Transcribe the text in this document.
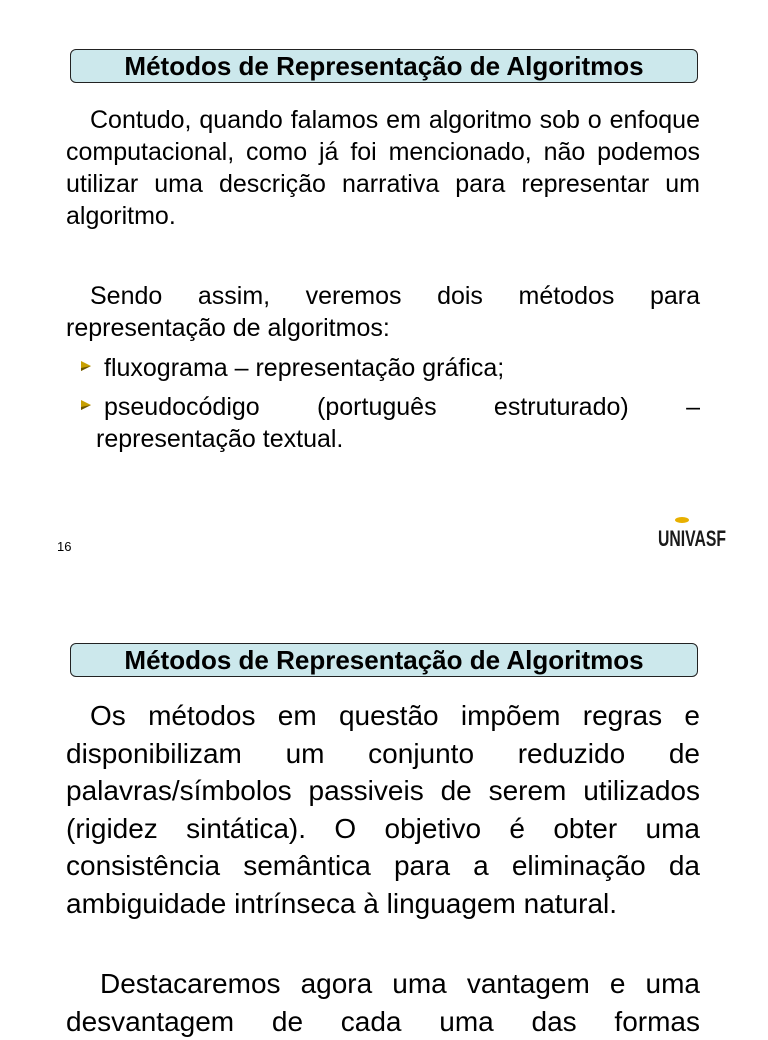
Métodos de Representação de Algoritmos
Contudo, quando falamos em algoritmo sob o enfoque computacional, como já foi mencionado, não podemos utilizar uma descrição narrativa para representar um algoritmo.
Sendo assim, veremos dois métodos para representação de algoritmos:
fluxograma – representação gráfica;
pseudocódigo (português estruturado) –
representação textual.
16	UNIVASF
Métodos de Representação de Algoritmos
Os métodos em questão impõem regras e disponibilizam um conjunto reduzido de palavras/símbolos passiveis de serem utilizados (rigidez sintática). O objetivo é obter uma consistência semântica para a eliminação da ambiguidade intrínseca à linguagem natural.
Destacaremos agora uma vantagem e uma desvantagem de cada uma das formas
